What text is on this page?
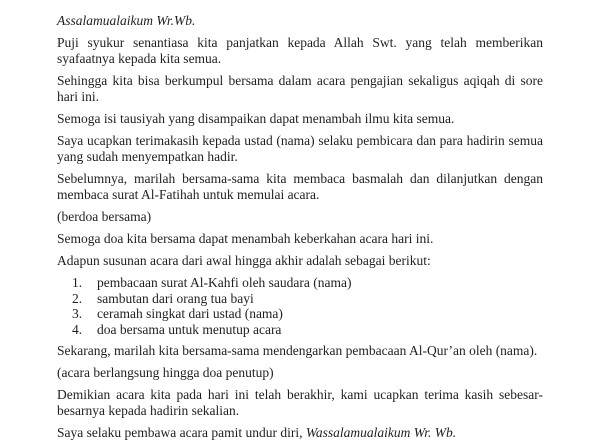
Assalamualaikum Wr.Wb.

Puji syukur senantiasa kita panjatkan kepada Allah Swt. yang telah memberikan syafaatnya kepada kita semua.

Sehingga kita bisa berkumpul bersama dalam acara pengajian sekaligus aqiqah di sore hari ini.

Semoga isi tausiyah yang disampaikan dapat menambah ilmu kita semua.

Saya ucapkan terimakasih kepada ustad (nama) selaku pembicara dan para hadirin semua yang sudah menyempatkan hadir.

Sebelumnya, marilah bersama-sama kita membaca basmalah dan dilanjutkan dengan membaca surat Al-Fatihah untuk memulai acara.

(berdoa bersama)

Semoga doa kita bersama dapat menambah keberkahan acara hari ini.

Adapun susunan acara dari awal hingga akhir adalah sebagai berikut:

pembacaan surat Al-Kahfi oleh saudara (nama)
sambutan dari orang tua bayi
ceramah singkat dari ustad (nama)
doa bersama untuk menutup acara

Sekarang, marilah kita bersama-sama mendengarkan pembacaan Al-Qur’an oleh (nama).

(acara berlangsung hingga doa penutup)

Demikian acara kita pada hari ini telah berakhir, kami ucapkan terima kasih sebesar-besarnya kepada hadirin sekalian.

Saya selaku pembawa acara pamit undur diri, Wassalamualaikum Wr. Wb.
